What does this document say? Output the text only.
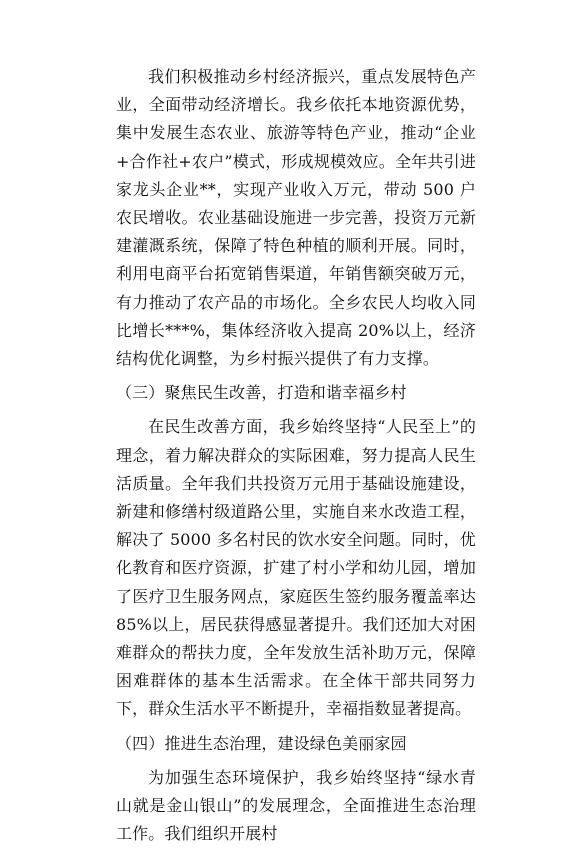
我们积极推动乡村经济振兴，重点发展特色产业，全面带动经济增长。我乡依托本地资源优势，集中发展生态农业、旅游等特色产业，推动“企业+合作社+农户”模式，形成规模效应。全年共引进家龙头企业**，实现产业收入万元，带动 500 户农民增收。农业基础设施进一步完善，投资万元新建灌溉系统，保障了特色种植的顺利开展。同时，利用电商平台拓宽销售渠道，年销售额突破万元，有力推动了农产品的市场化。全乡农民人均收入同比增长***%，集体经济收入提高 20%以上，经济结构优化调整，为乡村振兴提供了有力支撑。

（三）聚焦民生改善，打造和谐幸福乡村

在民生改善方面，我乡始终坚持“人民至上”的理念，着力解决群众的实际困难，努力提高人民生活质量。全年我们共投资万元用于基础设施建设，新建和修缮村级道路公里，实施自来水改造工程，解决了 5000 多名村民的饮水安全问题。同时，优化教育和医疗资源，扩建了村小学和幼儿园，增加了医疗卫生服务网点，家庭医生签约服务覆盖率达 85%以上，居民获得感显著提升。我们还加大对困难群众的帮扶力度，全年发放生活补助万元，保障困难群体的基本生活需求。在全体干部共同努力下，群众生活水平不断提升，幸福指数显著提高。

（四）推进生态治理，建设绿色美丽家园

为加强生态环境保护，我乡始终坚持“绿水青山就是金山银山”的发展理念，全面推进生态治理工作。我们组织开展村
